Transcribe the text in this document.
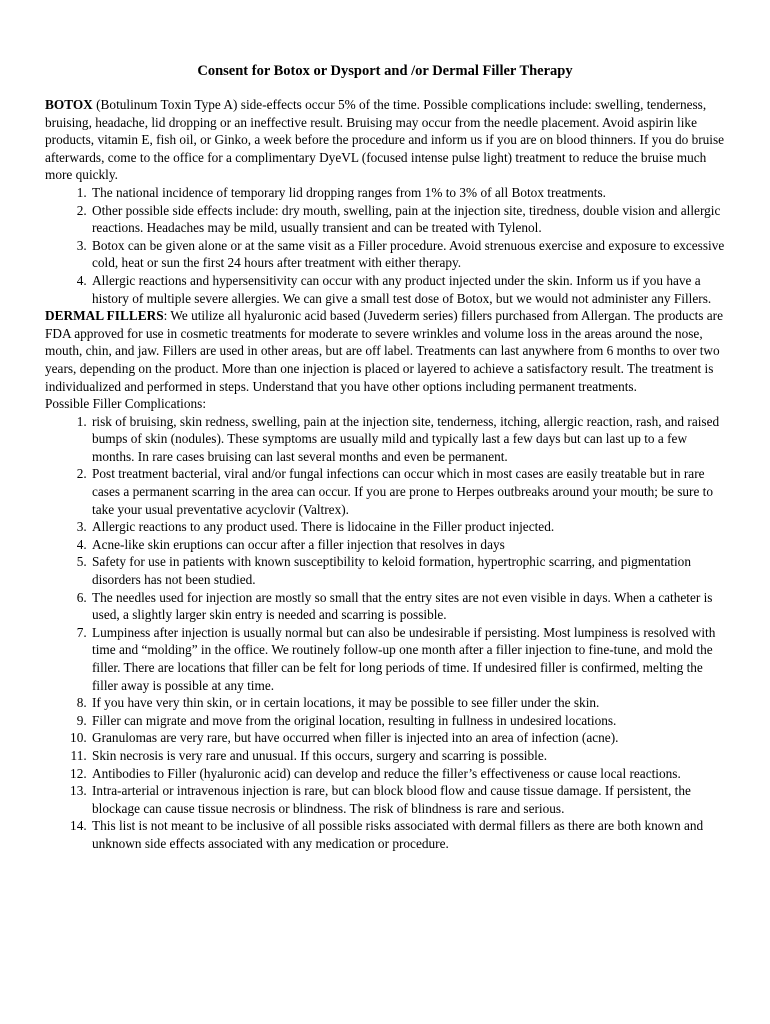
Consent for Botox or Dysport and /or Dermal Filler Therapy

BOTOX (Botulinum Toxin Type A) side-effects occur 5% of the time. Possible complications include: swelling, tenderness, bruising, headache, lid dropping or an ineffective result. Bruising may occur from the needle placement. Avoid aspirin like products, vitamin E, fish oil, or Ginko, a week before the procedure and inform us if you are on blood thinners. If you do bruise afterwards, come to the office for a complimentary DyeVL (focused intense pulse light) treatment to reduce the bruise much more quickly.

1. The national incidence of temporary lid dropping ranges from 1% to 3% of all Botox treatments.
2. Other possible side effects include: dry mouth, swelling, pain at the injection site, tiredness, double vision and allergic reactions. Headaches may be mild, usually transient and can be treated with Tylenol.
3. Botox can be given alone or at the same visit as a Filler procedure. Avoid strenuous exercise and exposure to excessive cold, heat or sun the first 24 hours after treatment with either therapy.
4. Allergic reactions and hypersensitivity can occur with any product injected under the skin. Inform us if you have a history of multiple severe allergies. We can give a small test dose of Botox, but we would not administer any Fillers.

DERMAL FILLERS: We utilize all hyaluronic acid based (Juvederm series) fillers purchased from Allergan. The products are FDA approved for use in cosmetic treatments for moderate to severe wrinkles and volume loss in the areas around the nose, mouth, chin, and jaw. Fillers are used in other areas, but are off label. Treatments can last anywhere from 6 months to over two years, depending on the product. More than one injection is placed or layered to achieve a satisfactory result. The treatment is individualized and performed in steps. Understand that you have other options including permanent treatments.

Possible Filler Complications:

1. risk of bruising, skin redness, swelling, pain at the injection site, tenderness, itching, allergic reaction, rash, and raised bumps of skin (nodules). These symptoms are usually mild and typically last a few days but can last up to a few months. In rare cases bruising can last several months and even be permanent.
2. Post treatment bacterial, viral and/or fungal infections can occur which in most cases are easily treatable but in rare cases a permanent scarring in the area can occur. If you are prone to Herpes outbreaks around your mouth; be sure to take your usual preventative acyclovir (Valtrex).
3. Allergic reactions to any product used. There is lidocaine in the Filler product injected.
4. Acne-like skin eruptions can occur after a filler injection that resolves in days
5. Safety for use in patients with known susceptibility to keloid formation, hypertrophic scarring, and pigmentation disorders has not been studied.
6. The needles used for injection are mostly so small that the entry sites are not even visible in days. When a catheter is used, a slightly larger skin entry is needed and scarring is possible.
7. Lumpiness after injection is usually normal but can also be undesirable if persisting. Most lumpiness is resolved with time and “molding” in the office. We routinely follow-up one month after a filler injection to fine-tune, and mold the filler. There are locations that filler can be felt for long periods of time. If undesired filler is confirmed, melting the filler away is possible at any time.
8. If you have very thin skin, or in certain locations, it may be possible to see filler under the skin.
9. Filler can migrate and move from the original location, resulting in fullness in undesired locations.
10. Granulomas are very rare, but have occurred when filler is injected into an area of infection (acne).
11. Skin necrosis is very rare and unusual. If this occurs, surgery and scarring is possible.
12. Antibodies to Filler (hyaluronic acid) can develop and reduce the filler’s effectiveness or cause local reactions.
13. Intra-arterial or intravenous injection is rare, but can block blood flow and cause tissue damage. If persistent, the blockage can cause tissue necrosis or blindness. The risk of blindness is rare and serious.
14. This list is not meant to be inclusive of all possible risks associated with dermal fillers as there are both known and unknown side effects associated with any medication or procedure.
